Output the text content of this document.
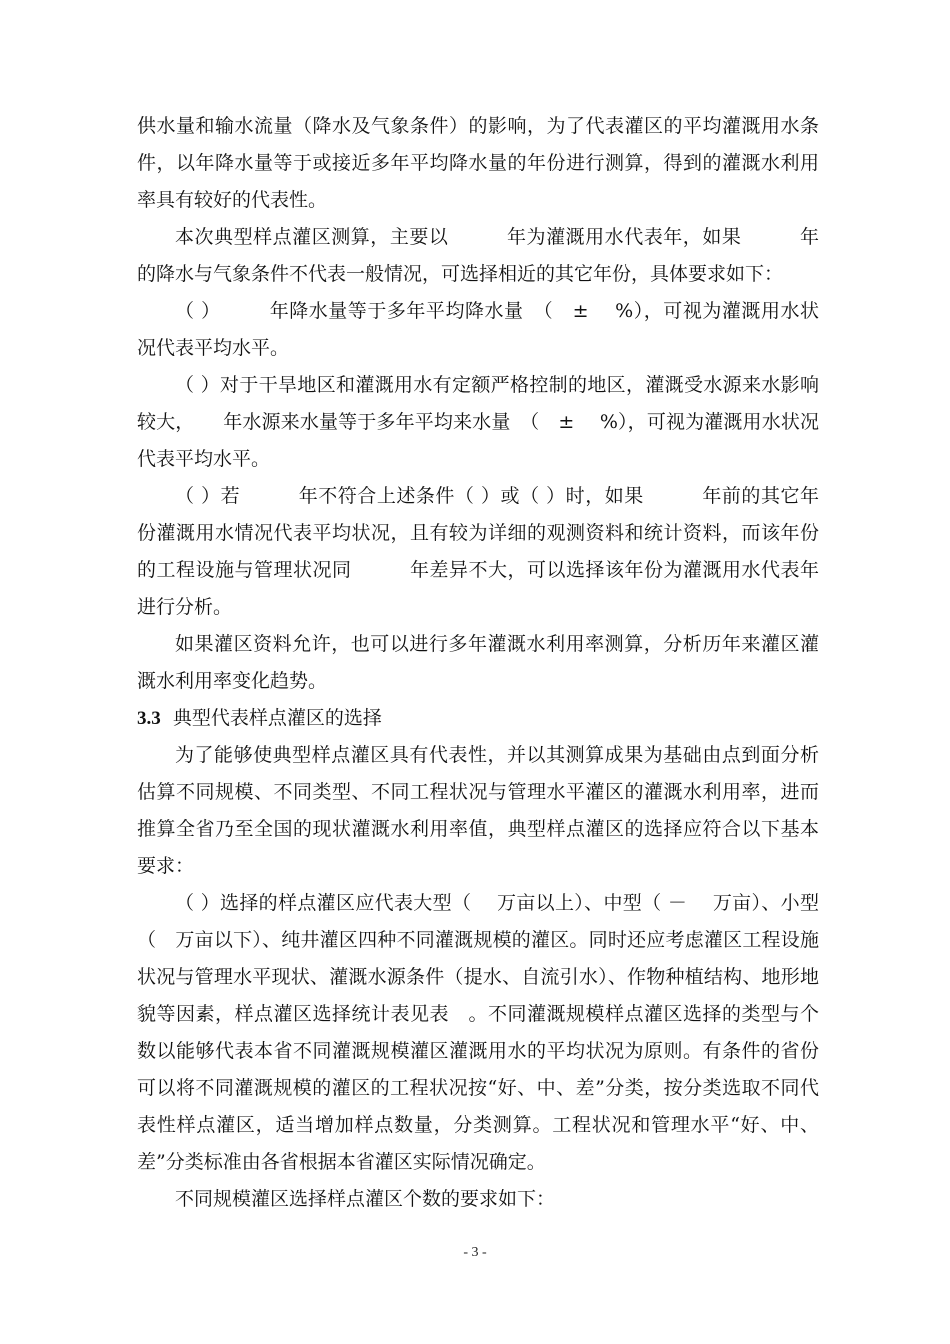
供水量和输水流量（降水及气象条件）的影响，为了代表灌区的平均灌溉用水条件，以年降水量等于或接近多年平均降水量的年份进行测算，得到的灌溉水利用率具有较好的代表性。

本次典型样点灌区测算，主要以　　　年为灌溉用水代表年，如果　　　年的降水与气象条件不代表一般情况，可选择相近的其它年份，具体要求如下：

（ ）　　　年降水量等于多年平均降水量　（　±　 %），可视为灌溉用水状况代表平均水平。

（ ）对于干旱地区和灌溉用水有定额严格控制的地区，灌溉受水源来水影响较大，　　年水源来水量等于多年平均来水量　（　±　 %），可视为灌溉用水状况代表平均水平。

（ ）若　　　年不符合上述条件（ ）或（ ）时，如果　　　年前的其它年份灌溉用水情况代表平均状况，且有较为详细的观测资料和统计资料，而该年份的工程设施与管理状况同　　　年差异不大，可以选择该年份为灌溉用水代表年进行分析。

如果灌区资料允许，也可以进行多年灌溉水利用率测算，分析历年来灌区灌溉水利用率变化趋势。

3.3 典型代表样点灌区的选择

为了能够使典型样点灌区具有代表性，并以其测算成果为基础由点到面分析估算不同规模、不同类型、不同工程状况与管理水平灌区的灌溉水利用率，进而推算全省乃至全国的现状灌溉水利用率值，典型样点灌区的选择应符合以下基本要求：

（ ）选择的样点灌区应代表大型（　 万亩以上）、中型（ －　 万亩）、小型（　万亩以下）、纯井灌区四种不同灌溉规模的灌区。同时还应考虑灌区工程设施状况与管理水平现状、灌溉水源条件（提水、自流引水）、作物种植结构、地形地貌等因素，样点灌区选择统计表见表　。不同灌溉规模样点灌区选择的类型与个数以能够代表本省不同灌溉规模灌区灌溉用水的平均状况为原则。有条件的省份可以将不同灌溉规模的灌区的工程状况按“好、中、差”分类，按分类选取不同代表性样点灌区，适当增加样点数量，分类测算。工程状况和管理水平“好、中、差”分类标准由各省根据本省灌区实际情况确定。

不同规模灌区选择样点灌区个数的要求如下：

- 3 -
